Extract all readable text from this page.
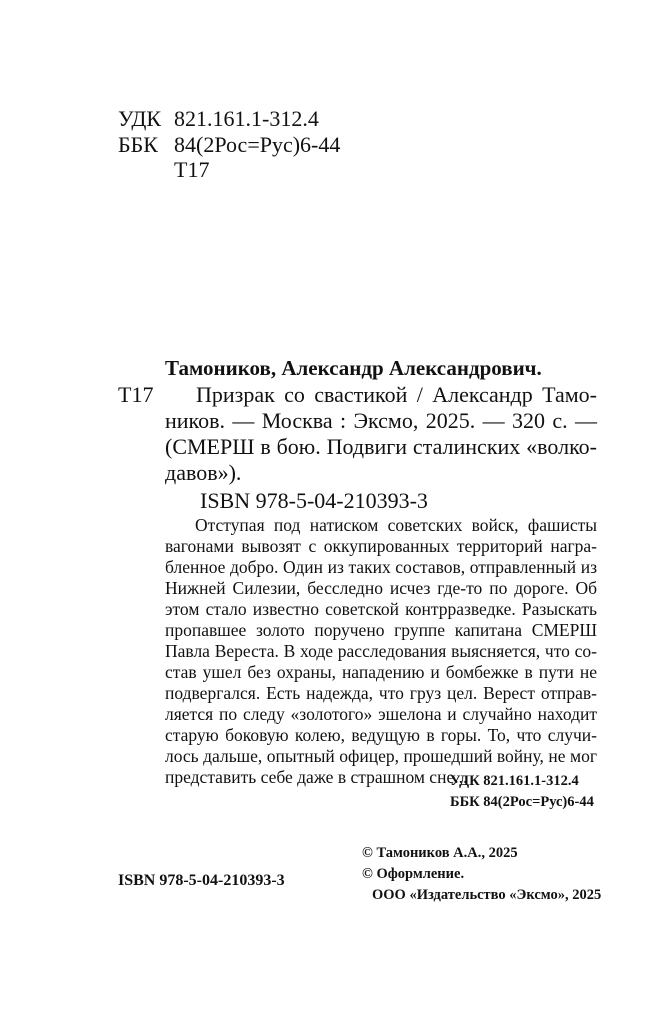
УДК 821.161.1-312.4
ББК 84(2Рос=Рус)6-44
Т17
Тамоников, Александр Александрович.
Т17	Призрак со свастикой / Александр Тамо-
ников. — Москва : Эксмо, 2025. — 320 с. —
(СМЕРШ в бою. Подвиги сталинских «волко-
давов»).

ISBN 978-5-04-210393-3

Отступая под натиском советских войск, фашисты
вагонами вывозят с оккупированных территорий награ-
бленное добро. Один из таких составов, отправленный из
Нижней Силезии, бесследно исчез где-то по дороге. Об
этом стало известно советской контрразведке. Разыскать
пропавшее золото поручено группе капитана СМЕРШ
Павла Вереста. В ходе расследования выясняется, что со-
став ушел без охраны, нападению и бомбежке в пути не
подвергался. Есть надежда, что груз цел. Верест отправ-
ляется по следу «золотого» эшелона и случайно находит
старую боковую колею, ведущую в горы. То, что случи-
лось дальше, опытный офицер, прошедший войну, не мог
представить себе даже в страшном сне...

УДК 821.161.1-312.4
ББК 84(2Рос=Рус)6-44
© Тамоников А.А., 2025
© Оформление.
ООО «Издательство «Эксмо», 2025
ISBN 978-5-04-210393-3
